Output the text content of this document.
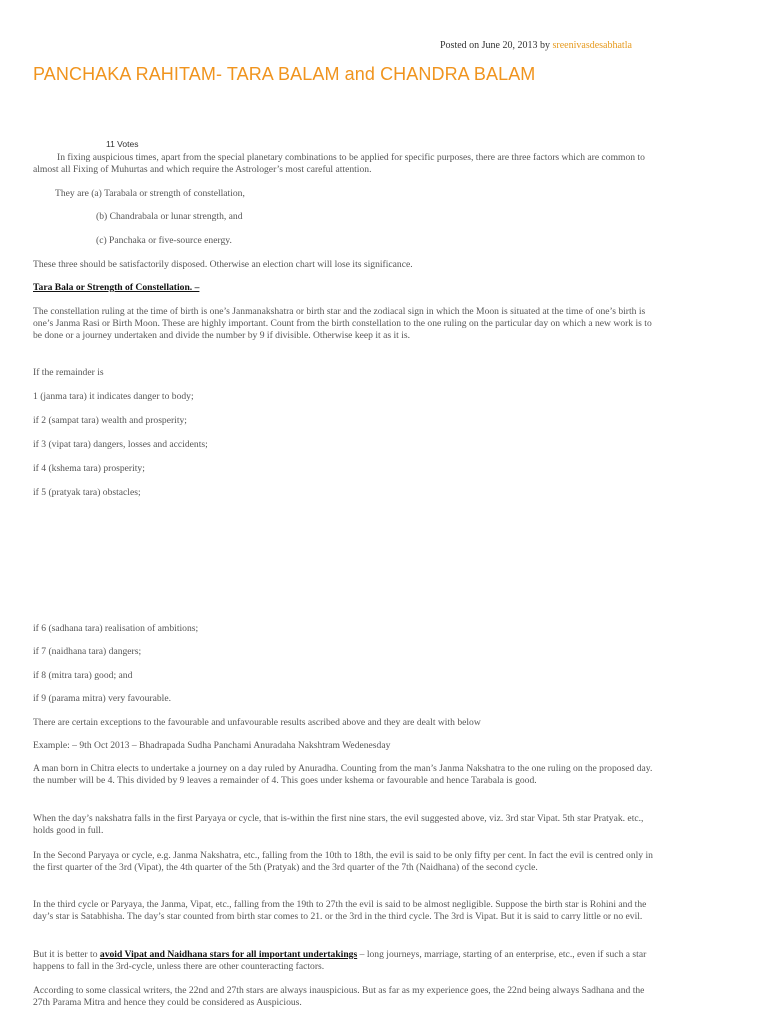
Posted on June 20, 2013 by sreenivasdesabhatla
PANCHAKA RAHITAM- TARA BALAM and CHANDRA BALAM
11 Votes

In fixing auspicious times, apart from the special planetary combinations to be applied for specific purposes, there are three factors which are common to almost all Fixing of Muhurtas and which require the Astrologer’s most careful attention.

They are (a) Tarabala or strength of constellation,

(b) Chandrabala or lunar strength, and

(c) Panchaka or five-source energy.

These three should be satisfactorily disposed. Otherwise an election chart will lose its significance.

Tara Bala or Strength of Constellation. –

The constellation ruling at the time of birth is one’s Janmanakshatra or birth star and the zodiacal sign in which the Moon is situated at the time of one’s birth is one’s Janma Rasi or Birth Moon. These are highly important. Count from the birth constellation to the one ruling on the particular day on which a new work is to be done or a journey undertaken and divide the number by 9 if divisible. Otherwise keep it as it is.

If the remainder is

1 (janma tara) it indicates danger to body;

if 2 (sampat tara) wealth and prosperity;

if 3 (vipat tara) dangers, losses and accidents;

if 4 (kshema tara) prosperity;

if 5 (pratyak tara) obstacles;

if 6 (sadhana tara) realisation of ambitions;

if 7 (naidhana tara) dangers;

if 8 (mitra tara) good; and

if 9 (parama mitra) very favourable.

There are certain exceptions to the favourable and unfavourable results ascribed above and they are dealt with below

Example: – 9th Oct 2013 – Bhadrapada Sudha Panchami Anuradaha Nakshtram Wedenesday

A man born in Chitra elects to undertake a journey on a day ruled by Anuradha. Counting from the man’s Janma Nakshatra to the one ruling on the proposed day. the number will be 4. This divided by 9 leaves a remainder of 4. This goes under kshema or favourable and hence Tarabala is good.

When the day’s nakshatra falls in the first Paryaya or cycle, that is-within the first nine stars, the evil suggested above, viz. 3rd star Vipat. 5th star Pratyak. etc., holds good in full.

In the Second Paryaya or cycle, e.g. Janma Nakshatra, etc., falling from the 10th to 18th, the evil is said to be only fifty per cent. In fact the evil is centred only in the first quarter of the 3rd (Vipat), the 4th quarter of the 5th (Pratyak) and the 3rd quarter of the 7th (Naidhana) of the second cycle.

In the third cycle or Paryaya, the Janma, Vipat, etc., falling from the 19th to 27th the evil is said to be almost negligible. Suppose the birth star is Rohini and the day’s star is Satabhisha. The day’s star counted from birth star comes to 21. or the 3rd in the third cycle. The 3rd is Vipat. But it is said to carry little or no evil.

But it is better to avoid Vipat and Naidhana stars for all important undertakings – long journeys, marriage, starting of an enterprise, etc., even if such a star happens to fall in the 3rd-cycle, unless there are other counteracting factors.

According to some classical writers, the 22nd and 27th stars are always inauspicious. But as far as my experience goes, the 22nd being always Sadhana and the 27th Parama Mitra and hence they could be considered as Auspicious.
